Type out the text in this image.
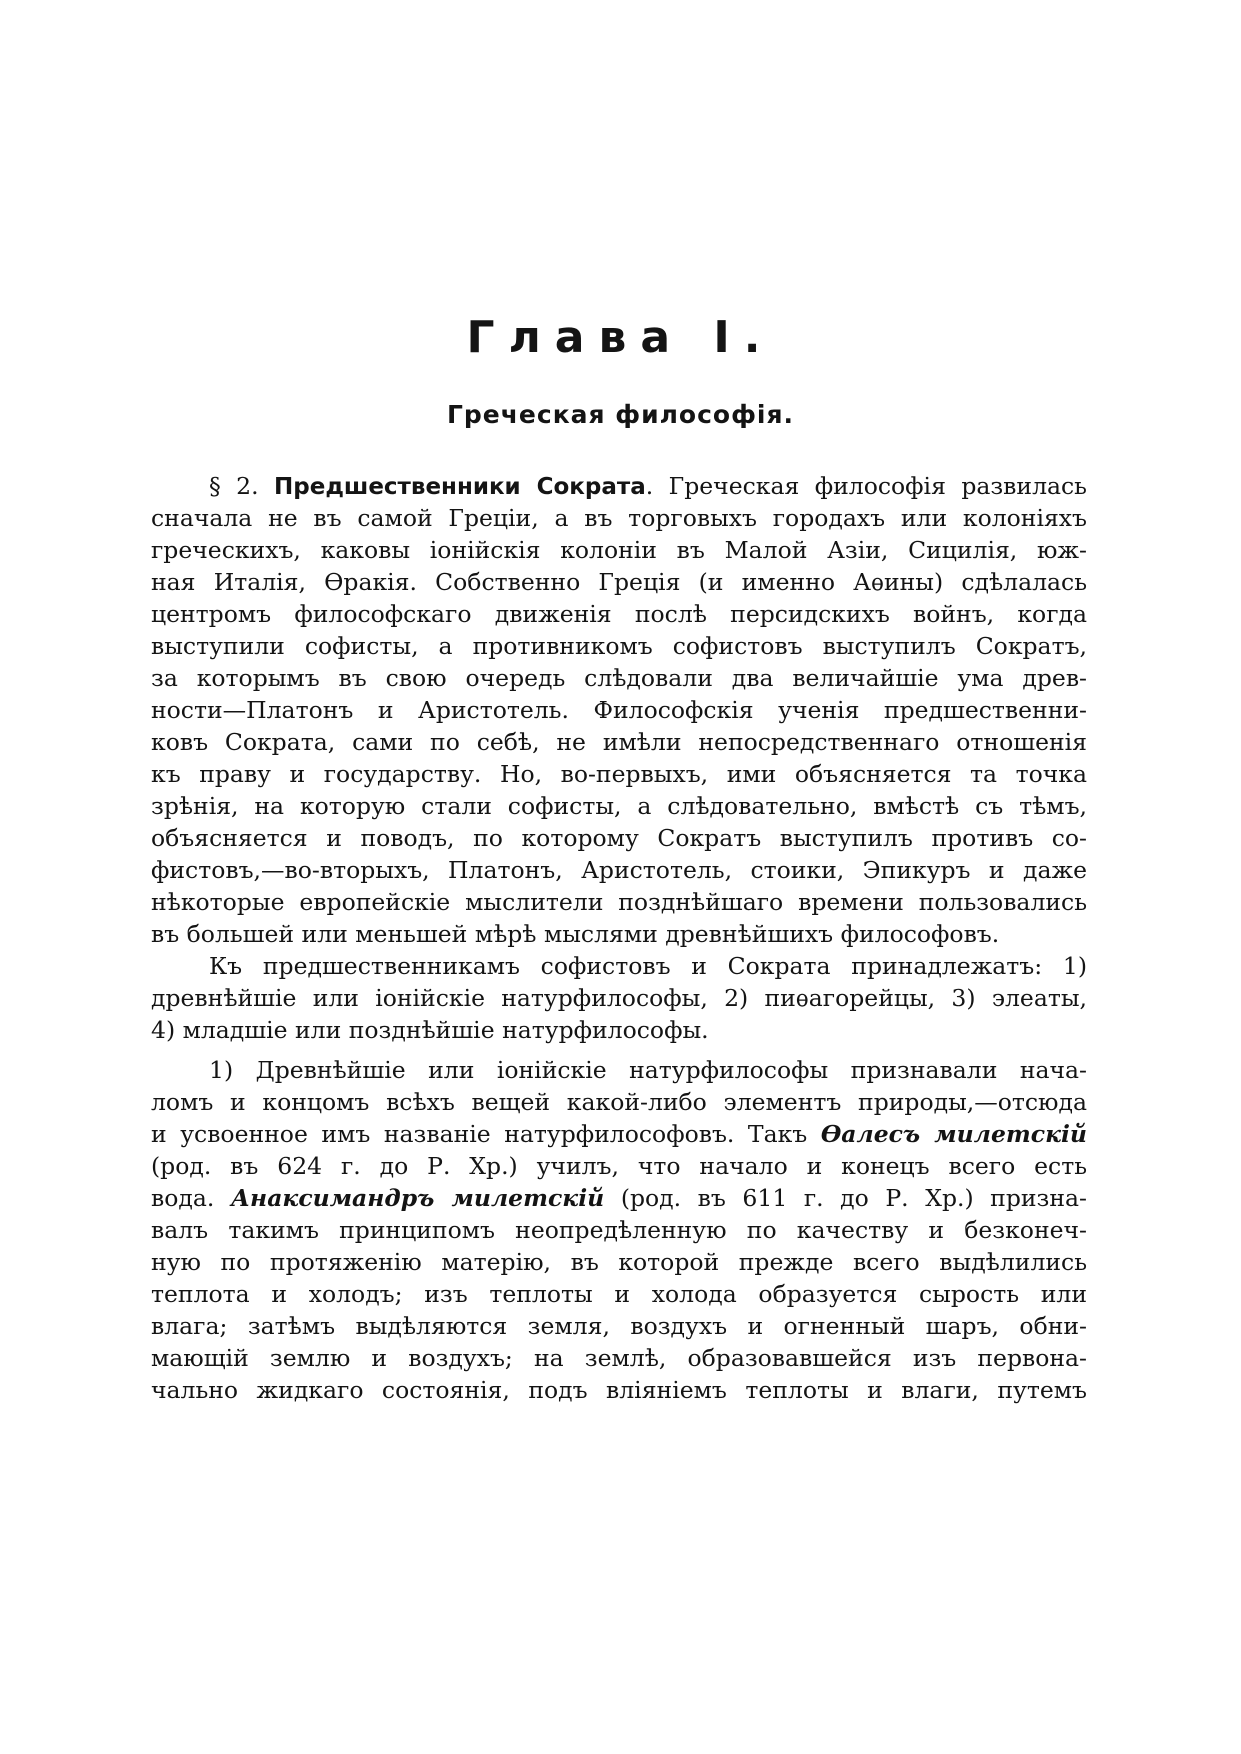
Глава I.
Греческая философія.
§ 2. Предшественники Сократа. Греческая философія развилась
сначала не въ самой Греціи, а въ торговыхъ городахъ или колоніяхъ
греческихъ, каковы іонійскія колоніи въ Малой Азіи, Сицилія, юж-
ная Италія, Ѳракія. Собственно Греція (и именно Аѳины) сдѣлалась
центромъ философскаго движенія послѣ персидскихъ войнъ, когда
выступили софисты, а противникомъ софистовъ выступилъ Сократъ,
за которымъ въ свою очередь слѣдовали два величайшіе ума древ-
ности—Платонъ и Аристотель. Философскія ученія предшественни-
ковъ Сократа, сами по себѣ, не имѣли непосредственнаго отношенія
къ праву и государству. Но, во-первыхъ, ими объясняется та точка
зрѣнія, на которую стали софисты, а слѣдовательно, вмѣстѣ съ тѣмъ,
объясняется и поводъ, по которому Сократъ выступилъ противъ со-
фистовъ,—во-вторыхъ, Платонъ, Аристотель, стоики, Эпикуръ и даже
нѣкоторые европейскіе мыслители позднѣйшаго времени пользовались
въ большей или меньшей мѣрѣ мыслями древнѣйшихъ философовъ.
Къ предшественникамъ софистовъ и Сократа принадлежатъ: 1)
древнѣйшіе или іонійскіе натурфилософы, 2) пиѳагорейцы, 3) элеаты,
4) младшіе или позднѣйшіе натурфилософы.
1) Древнѣйшіе или іонійскіе натурфилософы признавали нача-
ломъ и концомъ всѣхъ вещей какой-либо элементъ природы,—отсюда
и усвоенное имъ названіе натурфилософовъ. Такъ Ѳалесъ милетскій
(род. въ 624 г. до Р. Хр.) училъ, что начало и конецъ всего есть
вода. Анаксимандръ милетскій (род. въ 611 г. до Р. Хр.) призна-
валъ такимъ принципомъ неопредѣленную по качеству и безконеч-
ную по протяженію матерію, въ которой прежде всего выдѣлились
теплота и холодъ; изъ теплоты и холода образуется сырость или
влага; затѣмъ выдѣляются земля, воздухъ и огненный шаръ, обни-
мающій землю и воздухъ; на землѣ, образовавшейся изъ первона-
чально жидкаго состоянія, подъ вліяніемъ теплоты и влаги, путемъ
